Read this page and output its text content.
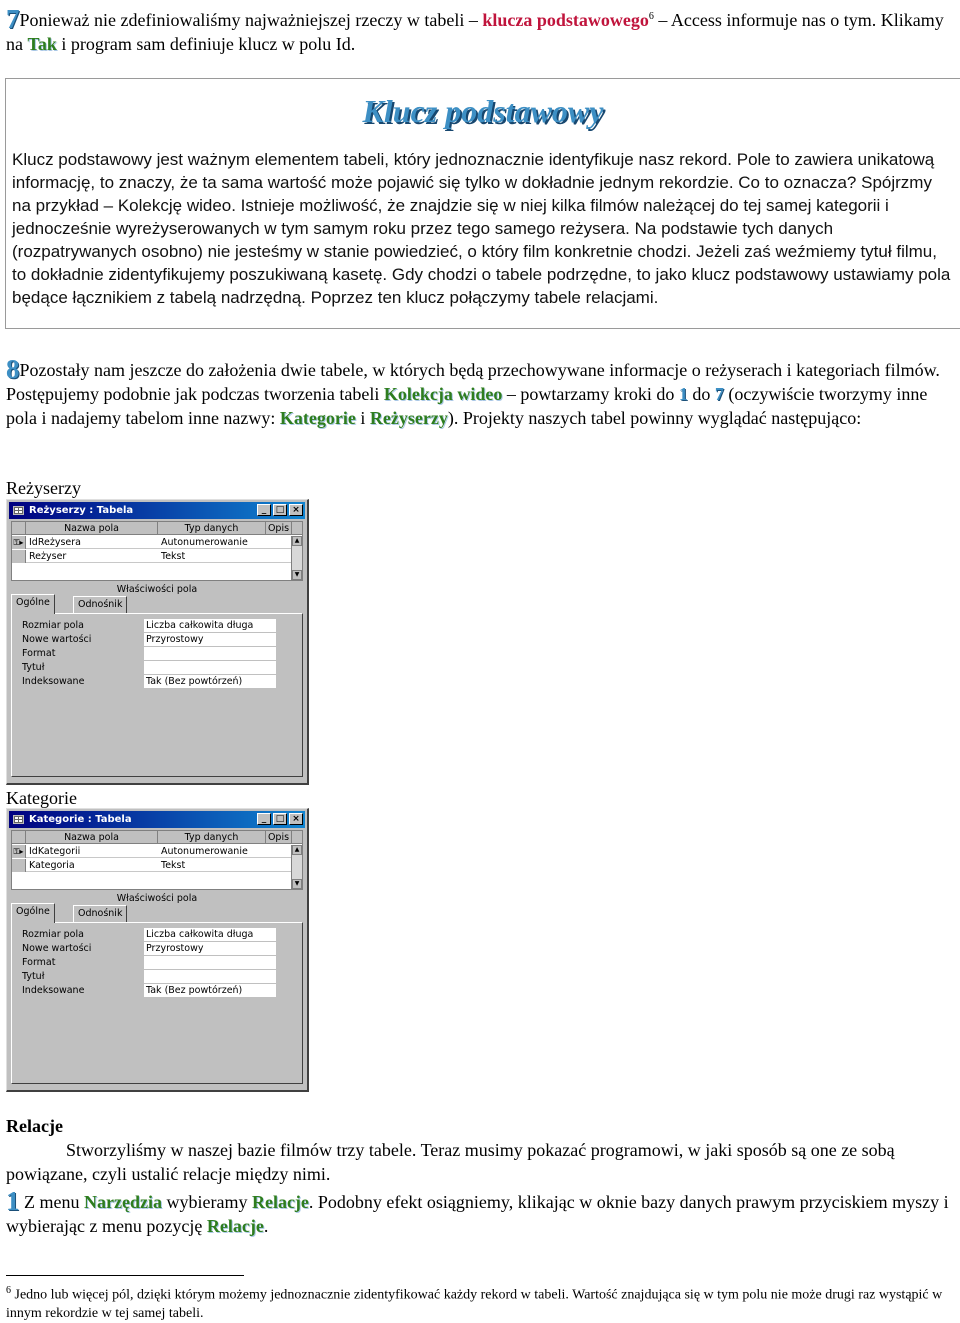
7Ponieważ nie zdefiniowaliśmy najważniejszej rzeczy w tabeli – klucza podstawowego$^6$ – Access informuje nas o tym. Klikamy na Tak i program sam definiuje klucz w polu Id.
Klucz podstawowy
Klucz podstawowy jest ważnym elementem tabeli, który jednoznacznie identyfikuje nasz rekord. Pole to zawiera unikatową informację, to znaczy, że ta sama wartość może pojawić się tylko w dokładnie jednym rekordzie. Co to oznacza? Spójrzmy na przykład – Kolekcję wideo. Istnieje możliwość, że znajdzie się w niej kilka filmów należącej do tej samej kategorii i jednocześnie wyreżyserowanych w tym samym roku przez tego samego reżysera. Na podstawie tych danych (rozpatrywanych osobno) nie jesteśmy w stanie powiedzieć, o który film konkretnie chodzi. Jeżeli zaś weźmiemy tytuł filmu, to dokładnie zidentyfikujemy poszukiwaną kasetę. Gdy chodzi o tabele podrzędne, to jako klucz podstawowy ustawiamy pola będące łącznikiem z tabelą nadrzędną. Poprzez ten klucz połączymy tabele relacjami.
8Pozostały nam jeszcze do założenia dwie tabele, w których będą przechowywane informacje o reżyserach i kategoriach filmów. Postępujemy podobnie jak podczas tworzenia tabeli Kolekcja wideo – powtarzamy kroki do 1 do 7 (oczywiście tworzymy inne pola i nadajemy tabelom inne nazwy: Kategorie i Reżyserzy). Projekty naszych tabel powinny wyglądać następująco:
Reżyserzy
Reżyserzy : Tabela	_	□ ×
Nazwa pola	Typ danych	Opis
⚿▸ IdReżysera	Autonumerowanie
Reżyser	Tekst
▲
▼
Właściwości pola
Ogólne	Odnośnik
Rozmiar pola	Liczba całkowita długa
Nowe wartości	Przyrostowy
Format
Tytuł
Indeksowane	Tak (Bez powtórzeń)
Kategorie
Kategorie : Tabela	_	□ ×
Nazwa pola	Typ danych	Opis
⚿▸ IdKategorii	Autonumerowanie
Kategoria	Tekst
▲
▼
Właściwości pola
Ogólne	Odnośnik
Rozmiar pola	Liczba całkowita długa
Nowe wartości	Przyrostowy
Format
Tytuł
Indeksowane	Tak (Bez powtórzeń)
Relacje
Stworzyliśmy w naszej bazie filmów trzy tabele. Teraz musimy pokazać programowi, w jaki sposób są one ze sobą powiązane, czyli ustalić relacje między nimi.
1 Z menu Narzędzia wybieramy Relacje. Podobny efekt osiągniemy, klikając w oknie bazy danych prawym przyciskiem myszy i wybierając z menu pozycję Relacje.
$^6$ Jedno lub więcej pól, dzięki którym możemy jednoznacznie zidentyfikować każdy rekord w tabeli. Wartość znajdująca się w tym polu nie może drugi raz wystąpić w innym rekordzie w tej samej tabeli.
